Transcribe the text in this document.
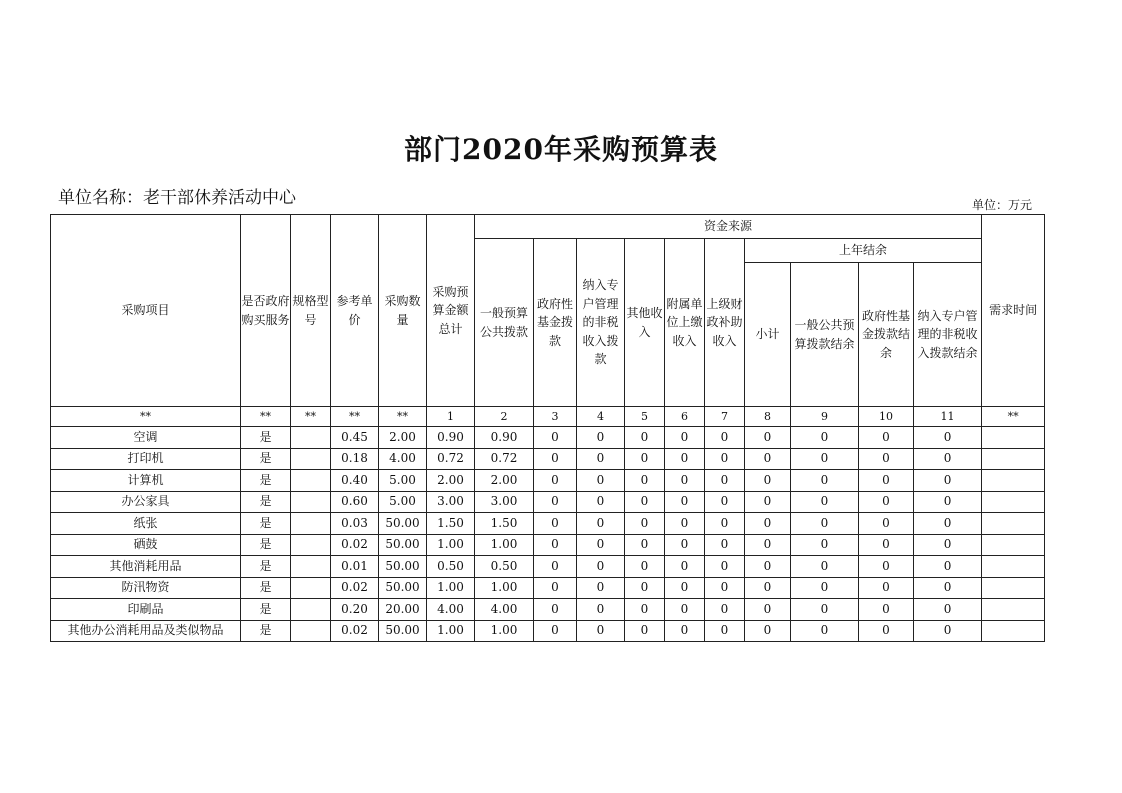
部门2020年采购预算表
单位名称：老干部休养活动中心	单位：万元
采购项目	是否政府购买服务	规格型号	参考单价	采购数量	采购预算金额总计	资金来源										需求时间
						一般预算公共拨款	政府性基金拨款	纳入专户管理的非税收入拨款	其他收入	附属单位上缴收入	上级财政补助收入	上年结余				
												小计	一般公共预算拨款结余	政府性基金拨款结余	纳入专户管理的非税收入拨款结余	
**	**	**	**	**	1	2	3	4	5	6	7	8	9	10	11	**
空调	是		0.45	2.00	0.90	0.90	0	0	0	0	0	0	0	0	0	
打印机	是		0.18	4.00	0.72	0.72	0	0	0	0	0	0	0	0	0	
计算机	是		0.40	5.00	2.00	2.00	0	0	0	0	0	0	0	0	0	
办公家具	是		0.60	5.00	3.00	3.00	0	0	0	0	0	0	0	0	0	
纸张	是		0.03	50.00	1.50	1.50	0	0	0	0	0	0	0	0	0	
硒鼓	是		0.02	50.00	1.00	1.00	0	0	0	0	0	0	0	0	0	
其他消耗用品	是		0.01	50.00	0.50	0.50	0	0	0	0	0	0	0	0	0	
防汛物资	是		0.02	50.00	1.00	1.00	0	0	0	0	0	0	0	0	0	
印刷品	是		0.20	20.00	4.00	4.00	0	0	0	0	0	0	0	0	0	
其他办公消耗用品及类似物品	是		0.02	50.00	1.00	1.00	0	0	0	0	0	0	0	0	0	
